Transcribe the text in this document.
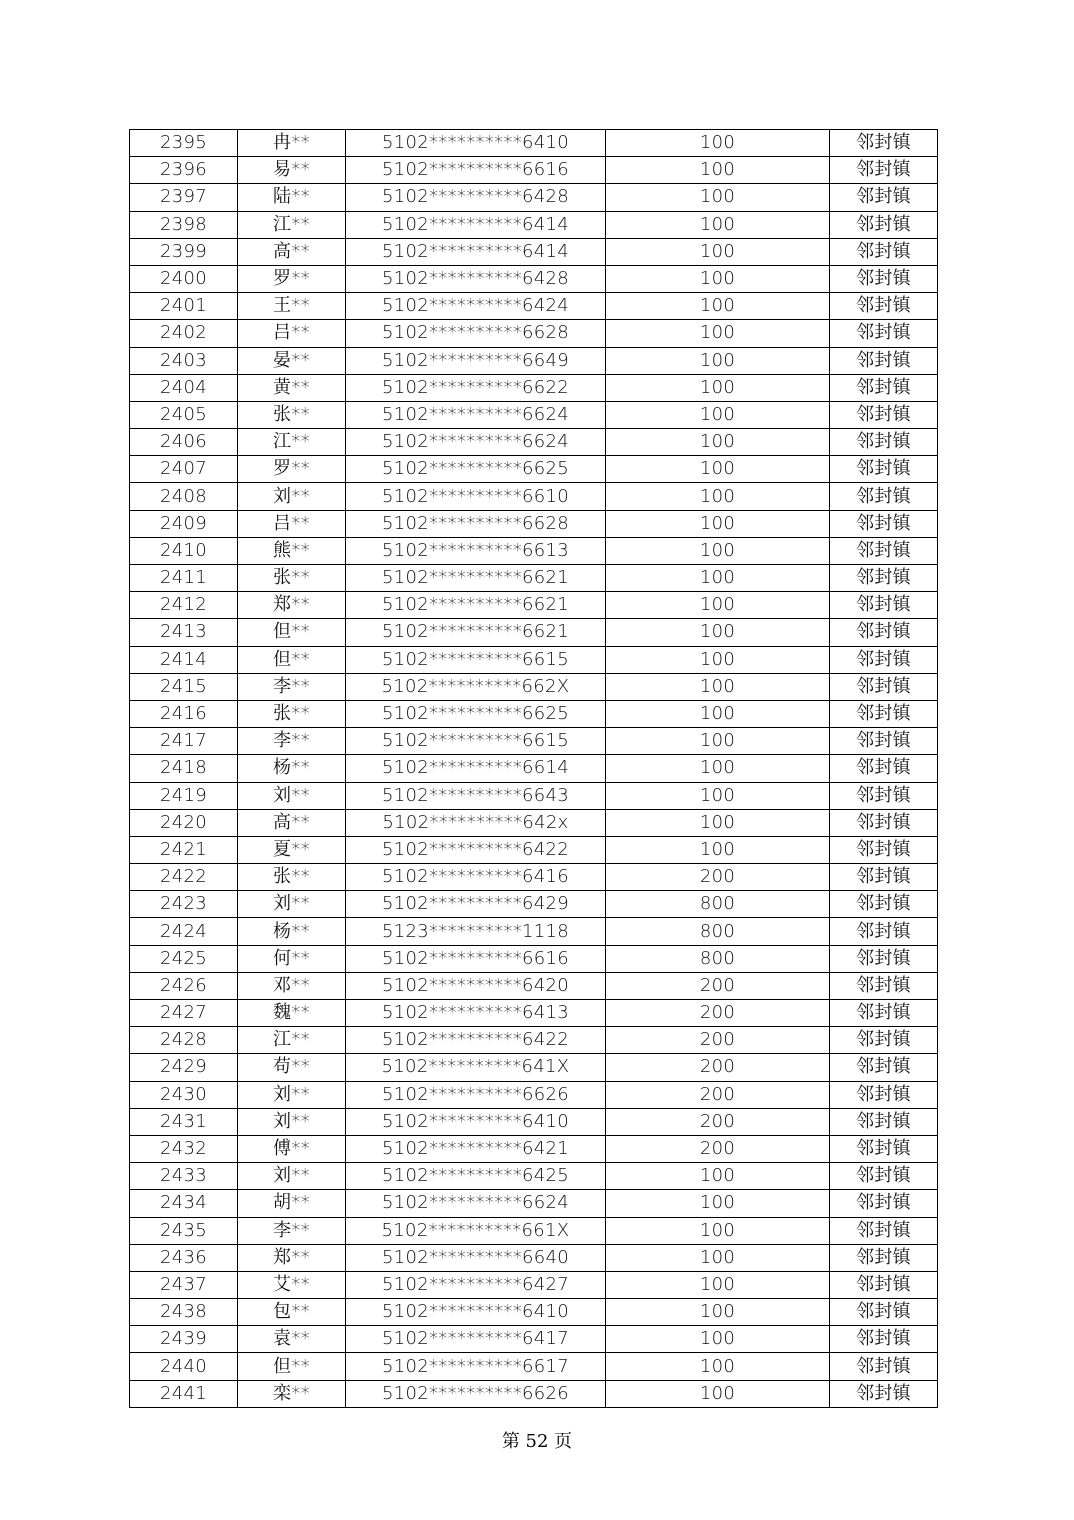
2395	冉**	5102**********6410	100	邻封镇
2396	易**	5102**********6616	100	邻封镇
2397	陆**	5102**********6428	100	邻封镇
2398	江**	5102**********6414	100	邻封镇
2399	高**	5102**********6414	100	邻封镇
2400	罗**	5102**********6428	100	邻封镇
2401	王**	5102**********6424	100	邻封镇
2402	吕**	5102**********6628	100	邻封镇
2403	晏**	5102**********6649	100	邻封镇
2404	黄**	5102**********6622	100	邻封镇
2405	张**	5102**********6624	100	邻封镇
2406	江**	5102**********6624	100	邻封镇
2407	罗**	5102**********6625	100	邻封镇
2408	刘**	5102**********6610	100	邻封镇
2409	吕**	5102**********6628	100	邻封镇
2410	熊**	5102**********6613	100	邻封镇
2411	张**	5102**********6621	100	邻封镇
2412	郑**	5102**********6621	100	邻封镇
2413	但**	5102**********6621	100	邻封镇
2414	但**	5102**********6615	100	邻封镇
2415	李**	5102**********662X	100	邻封镇
2416	张**	5102**********6625	100	邻封镇
2417	李**	5102**********6615	100	邻封镇
2418	杨**	5102**********6614	100	邻封镇
2419	刘**	5102**********6643	100	邻封镇
2420	高**	5102**********642x	100	邻封镇
2421	夏**	5102**********6422	100	邻封镇
2422	张**	5102**********6416	200	邻封镇
2423	刘**	5102**********6429	800	邻封镇
2424	杨**	5123**********1118	800	邻封镇
2425	何**	5102**********6616	800	邻封镇
2426	邓**	5102**********6420	200	邻封镇
2427	魏**	5102**********6413	200	邻封镇
2428	江**	5102**********6422	200	邻封镇
2429	苟**	5102**********641X	200	邻封镇
2430	刘**	5102**********6626	200	邻封镇
2431	刘**	5102**********6410	200	邻封镇
2432	傅**	5102**********6421	200	邻封镇
2433	刘**	5102**********6425	100	邻封镇
2434	胡**	5102**********6624	100	邻封镇
2435	李**	5102**********661X	100	邻封镇
2436	郑**	5102**********6640	100	邻封镇
2437	艾**	5102**********6427	100	邻封镇
2438	包**	5102**********6410	100	邻封镇
2439	袁**	5102**********6417	100	邻封镇
2440	但**	5102**********6617	100	邻封镇
2441	栾**	5102**********6626	100	邻封镇
第 52 页
